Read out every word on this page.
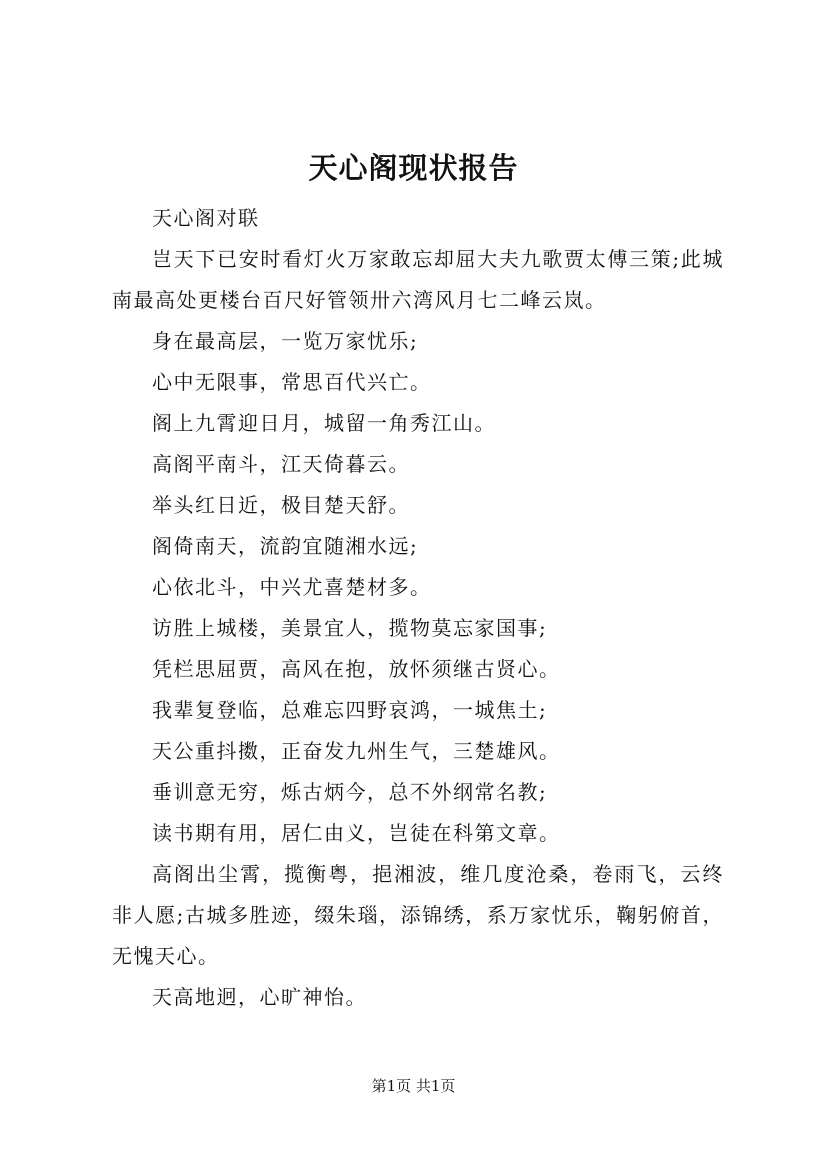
天心阁现状报告

天心阁对联

岂天下已安时看灯火万家敢忘却屈大夫九歌贾太傅三策;此城南最高处更楼台百尺好管领卅六湾风月七二峰云岚。

身在最高层，一览万家忧乐;

心中无限事，常思百代兴亡。

阁上九霄迎日月，城留一角秀江山。

高阁平南斗，江天倚暮云。

举头红日近，极目楚天舒。

阁倚南天，流韵宜随湘水远;

心依北斗，中兴尤喜楚材多。

访胜上城楼，美景宜人，揽物莫忘家国事;

凭栏思屈贾，高风在抱，放怀须继古贤心。

我辈复登临，总难忘四野哀鸿，一城焦土;

天公重抖擞，正奋发九州生气，三楚雄风。

垂训意无穷，烁古炳今，总不外纲常名教;

读书期有用，居仁由义，岂徒在科第文章。

高阁出尘霄，揽衡粤，挹湘波，维几度沧桑，卷雨飞，云终非人愿;古城多胜迹，缀朱瑙，添锦绣，系万家忧乐，鞠躬俯首，无愧天心。

天高地迥，心旷神怡。

第1页 共1页
